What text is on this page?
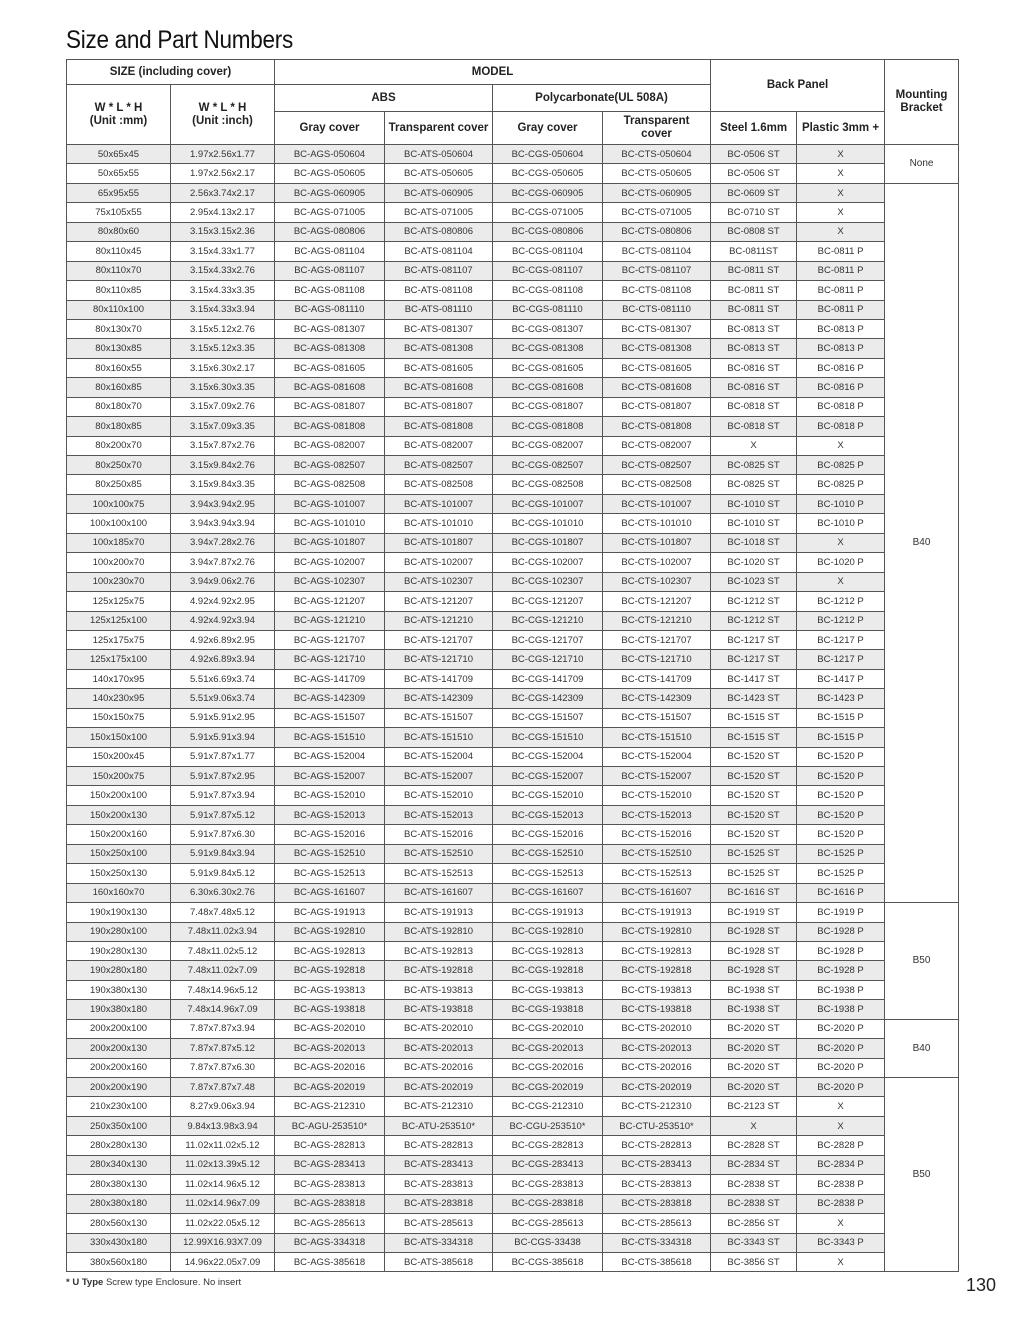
Size and Part Numbers
SIZE (including cover)		MODEL				Back Panel		Mounting Bracket
W * L * H (Unit :mm)	W * L * H (Unit :inch)	ABS		Polycarbonate(UL 508A)				
		Gray cover	Transparent cover	Gray cover	Transparent cover	Steel 1.6mm	Plastic 3mm +	
50x65x45	1.97x2.56x1.77	BC-AGS-050604	BC-ATS-050604	BC-CGS-050604	BC-CTS-050604	BC-0506 ST	X	None
50x65x55	1.97x2.56x2.17	BC-AGS-050605	BC-ATS-050605	BC-CGS-050605	BC-CTS-050605	BC-0506 ST	X	
65x95x55	2.56x3.74x2.17	BC-AGS-060905	BC-ATS-060905	BC-CGS-060905	BC-CTS-060905	BC-0609 ST	X	B40
75x105x55	2.95x4.13x2.17	BC-AGS-071005	BC-ATS-071005	BC-CGS-071005	BC-CTS-071005	BC-0710 ST	X	
80x80x60	3.15x3.15x2.36	BC-AGS-080806	BC-ATS-080806	BC-CGS-080806	BC-CTS-080806	BC-0808 ST	X	
80x110x45	3.15x4.33x1.77	BC-AGS-081104	BC-ATS-081104	BC-CGS-081104	BC-CTS-081104	BC-0811ST	BC-0811 P	
80x110x70	3.15x4.33x2.76	BC-AGS-081107	BC-ATS-081107	BC-CGS-081107	BC-CTS-081107	BC-0811 ST	BC-0811 P	
80x110x85	3.15x4.33x3.35	BC-AGS-081108	BC-ATS-081108	BC-CGS-081108	BC-CTS-081108	BC-0811 ST	BC-0811 P	
80x110x100	3.15x4.33x3.94	BC-AGS-081110	BC-ATS-081110	BC-CGS-081110	BC-CTS-081110	BC-0811 ST	BC-0811 P	
80x130x70	3.15x5.12x2.76	BC-AGS-081307	BC-ATS-081307	BC-CGS-081307	BC-CTS-081307	BC-0813 ST	BC-0813 P	
80x130x85	3.15x5.12x3.35	BC-AGS-081308	BC-ATS-081308	BC-CGS-081308	BC-CTS-081308	BC-0813 ST	BC-0813 P	
80x160x55	3.15x6.30x2.17	BC-AGS-081605	BC-ATS-081605	BC-CGS-081605	BC-CTS-081605	BC-0816 ST	BC-0816 P	
80x160x85	3.15x6.30x3.35	BC-AGS-081608	BC-ATS-081608	BC-CGS-081608	BC-CTS-081608	BC-0816 ST	BC-0816 P	
80x180x70	3.15x7.09x2.76	BC-AGS-081807	BC-ATS-081807	BC-CGS-081807	BC-CTS-081807	BC-0818 ST	BC-0818 P	
80x180x85	3.15x7.09x3.35	BC-AGS-081808	BC-ATS-081808	BC-CGS-081808	BC-CTS-081808	BC-0818 ST	BC-0818 P	
80x200x70	3.15x7.87x2.76	BC-AGS-082007	BC-ATS-082007	BC-CGS-082007	BC-CTS-082007	X	X	
80x250x70	3.15x9.84x2.76	BC-AGS-082507	BC-ATS-082507	BC-CGS-082507	BC-CTS-082507	BC-0825 ST	BC-0825 P	
80x250x85	3.15x9.84x3.35	BC-AGS-082508	BC-ATS-082508	BC-CGS-082508	BC-CTS-082508	BC-0825 ST	BC-0825 P	
100x100x75	3.94x3.94x2.95	BC-AGS-101007	BC-ATS-101007	BC-CGS-101007	BC-CTS-101007	BC-1010 ST	BC-1010 P	
100x100x100	3.94x3.94x3.94	BC-AGS-101010	BC-ATS-101010	BC-CGS-101010	BC-CTS-101010	BC-1010 ST	BC-1010 P	
100x185x70	3.94x7.28x2.76	BC-AGS-101807	BC-ATS-101807	BC-CGS-101807	BC-CTS-101807	BC-1018 ST	X	
100x200x70	3.94x7.87x2.76	BC-AGS-102007	BC-ATS-102007	BC-CGS-102007	BC-CTS-102007	BC-1020 ST	BC-1020 P	
100x230x70	3.94x9.06x2.76	BC-AGS-102307	BC-ATS-102307	BC-CGS-102307	BC-CTS-102307	BC-1023 ST	X	
125x125x75	4.92x4.92x2.95	BC-AGS-121207	BC-ATS-121207	BC-CGS-121207	BC-CTS-121207	BC-1212 ST	BC-1212 P	
125x125x100	4.92x4.92x3.94	BC-AGS-121210	BC-ATS-121210	BC-CGS-121210	BC-CTS-121210	BC-1212 ST	BC-1212 P	
125x175x75	4.92x6.89x2.95	BC-AGS-121707	BC-ATS-121707	BC-CGS-121707	BC-CTS-121707	BC-1217 ST	BC-1217 P	
125x175x100	4.92x6.89x3.94	BC-AGS-121710	BC-ATS-121710	BC-CGS-121710	BC-CTS-121710	BC-1217 ST	BC-1217 P	
140x170x95	5.51x6.69x3.74	BC-AGS-141709	BC-ATS-141709	BC-CGS-141709	BC-CTS-141709	BC-1417 ST	BC-1417 P	
140x230x95	5.51x9.06x3.74	BC-AGS-142309	BC-ATS-142309	BC-CGS-142309	BC-CTS-142309	BC-1423 ST	BC-1423 P	
150x150x75	5.91x5.91x2.95	BC-AGS-151507	BC-ATS-151507	BC-CGS-151507	BC-CTS-151507	BC-1515 ST	BC-1515 P	
150x150x100	5.91x5.91x3.94	BC-AGS-151510	BC-ATS-151510	BC-CGS-151510	BC-CTS-151510	BC-1515 ST	BC-1515 P	
150x200x45	5.91x7.87x1.77	BC-AGS-152004	BC-ATS-152004	BC-CGS-152004	BC-CTS-152004	BC-1520 ST	BC-1520 P	
150x200x75	5.91x7.87x2.95	BC-AGS-152007	BC-ATS-152007	BC-CGS-152007	BC-CTS-152007	BC-1520 ST	BC-1520 P	
150x200x100	5.91x7.87x3.94	BC-AGS-152010	BC-ATS-152010	BC-CGS-152010	BC-CTS-152010	BC-1520 ST	BC-1520 P	
150x200x130	5.91x7.87x5.12	BC-AGS-152013	BC-ATS-152013	BC-CGS-152013	BC-CTS-152013	BC-1520 ST	BC-1520 P	
150x200x160	5.91x7.87x6.30	BC-AGS-152016	BC-ATS-152016	BC-CGS-152016	BC-CTS-152016	BC-1520 ST	BC-1520 P	
150x250x100	5.91x9.84x3.94	BC-AGS-152510	BC-ATS-152510	BC-CGS-152510	BC-CTS-152510	BC-1525 ST	BC-1525 P	
150x250x130	5.91x9.84x5.12	BC-AGS-152513	BC-ATS-152513	BC-CGS-152513	BC-CTS-152513	BC-1525 ST	BC-1525 P	
160x160x70	6.30x6.30x2.76	BC-AGS-161607	BC-ATS-161607	BC-CGS-161607	BC-CTS-161607	BC-1616 ST	BC-1616 P	
190x190x130	7.48x7.48x5.12	BC-AGS-191913	BC-ATS-191913	BC-CGS-191913	BC-CTS-191913	BC-1919 ST	BC-1919 P	B50
190x280x100	7.48x11.02x3.94	BC-AGS-192810	BC-ATS-192810	BC-CGS-192810	BC-CTS-192810	BC-1928 ST	BC-1928 P	
190x280x130	7.48x11.02x5.12	BC-AGS-192813	BC-ATS-192813	BC-CGS-192813	BC-CTS-192813	BC-1928 ST	BC-1928 P	
190x280x180	7.48x11.02x7.09	BC-AGS-192818	BC-ATS-192818	BC-CGS-192818	BC-CTS-192818	BC-1928 ST	BC-1928 P	
190x380x130	7.48x14.96x5.12	BC-AGS-193813	BC-ATS-193813	BC-CGS-193813	BC-CTS-193813	BC-1938 ST	BC-1938 P	
190x380x180	7.48x14.96x7.09	BC-AGS-193818	BC-ATS-193818	BC-CGS-193818	BC-CTS-193818	BC-1938 ST	BC-1938 P	
200x200x100	7.87x7.87x3.94	BC-AGS-202010	BC-ATS-202010	BC-CGS-202010	BC-CTS-202010	BC-2020 ST	BC-2020 P	B40
200x200x130	7.87x7.87x5.12	BC-AGS-202013	BC-ATS-202013	BC-CGS-202013	BC-CTS-202013	BC-2020 ST	BC-2020 P	
200x200x160	7.87x7.87x6.30	BC-AGS-202016	BC-ATS-202016	BC-CGS-202016	BC-CTS-202016	BC-2020 ST	BC-2020 P	
200x200x190	7.87x7.87x7.48	BC-AGS-202019	BC-ATS-202019	BC-CGS-202019	BC-CTS-202019	BC-2020 ST	BC-2020 P	B50
210x230x100	8.27x9.06x3.94	BC-AGS-212310	BC-ATS-212310	BC-CGS-212310	BC-CTS-212310	BC-2123 ST	X	
250x350x100	9.84x13.98x3.94	BC-AGU-253510*	BC-ATU-253510*	BC-CGU-253510*	BC-CTU-253510*	X	X	
280x280x130	11.02x11.02x5.12	BC-AGS-282813	BC-ATS-282813	BC-CGS-282813	BC-CTS-282813	BC-2828 ST	BC-2828 P	
280x340x130	11.02x13.39x5.12	BC-AGS-283413	BC-ATS-283413	BC-CGS-283413	BC-CTS-283413	BC-2834 ST	BC-2834 P	
280x380x130	11.02x14.96x5.12	BC-AGS-283813	BC-ATS-283813	BC-CGS-283813	BC-CTS-283813	BC-2838 ST	BC-2838 P	
280x380x180	11.02x14.96x7.09	BC-AGS-283818	BC-ATS-283818	BC-CGS-283818	BC-CTS-283818	BC-2838 ST	BC-2838 P	
280x560x130	11.02x22.05x5.12	BC-AGS-285613	BC-ATS-285613	BC-CGS-285613	BC-CTS-285613	BC-2856 ST	X	
330x430x180	12.99X16.93X7.09	BC-AGS-334318	BC-ATS-334318	BC-CGS-33438	BC-CTS-334318	BC-3343 ST	BC-3343 P	
380x560x180	14.96x22.05x7.09	BC-AGS-385618	BC-ATS-385618	BC-CGS-385618	BC-CTS-385618	BC-3856 ST	X	
* U Type Screw type Enclosure. No insert	130
